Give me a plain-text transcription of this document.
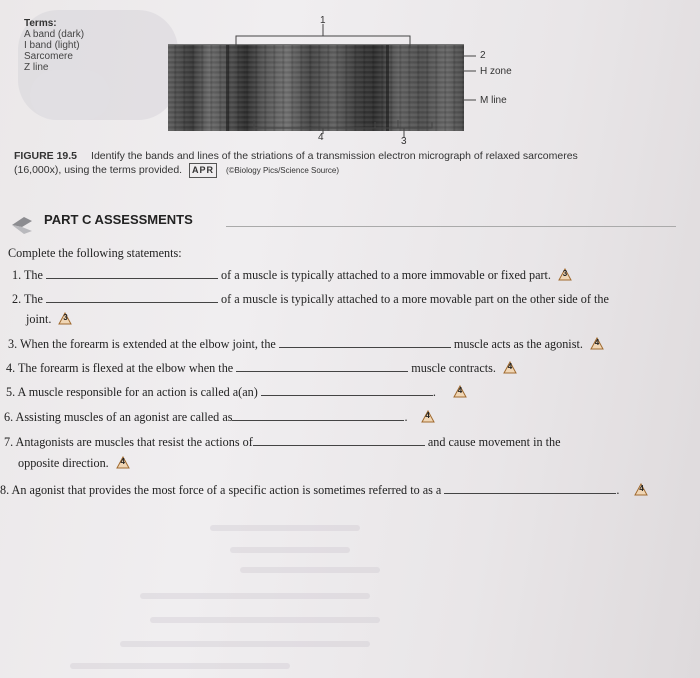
Terms:
A band (dark)
I band (light)
Sarcomere
Z line
1
2
H zone
M line
4	3
FIGURE 19.5 Identify the bands and lines of the striations of a transmission electron micrograph of relaxed sarcomeres
(16,000x), using the terms provided. APR (©Biology Pics/Science Source)
PART C ASSESSMENTS
Complete the following statements:
1. The	of a muscle is typically attached to a more immovable or fixed part.	3
2. The	of a muscle is typically attached to a more movable part on the other side of the
joint.	3
3. When the forearm is extended at the elbow joint, the	muscle acts as the agonist.	4
4. The forearm is flexed at the elbow when the	muscle contracts.	4
5. A muscle responsible for an action is called a(an)	.	4
6. Assisting muscles of an agonist are called as	.	4
7. Antagonists are muscles that resist the actions of	and cause movement in the
opposite direction.	4
8. An agonist that provides the most force of a specific action is sometimes referred to as a	.	4
